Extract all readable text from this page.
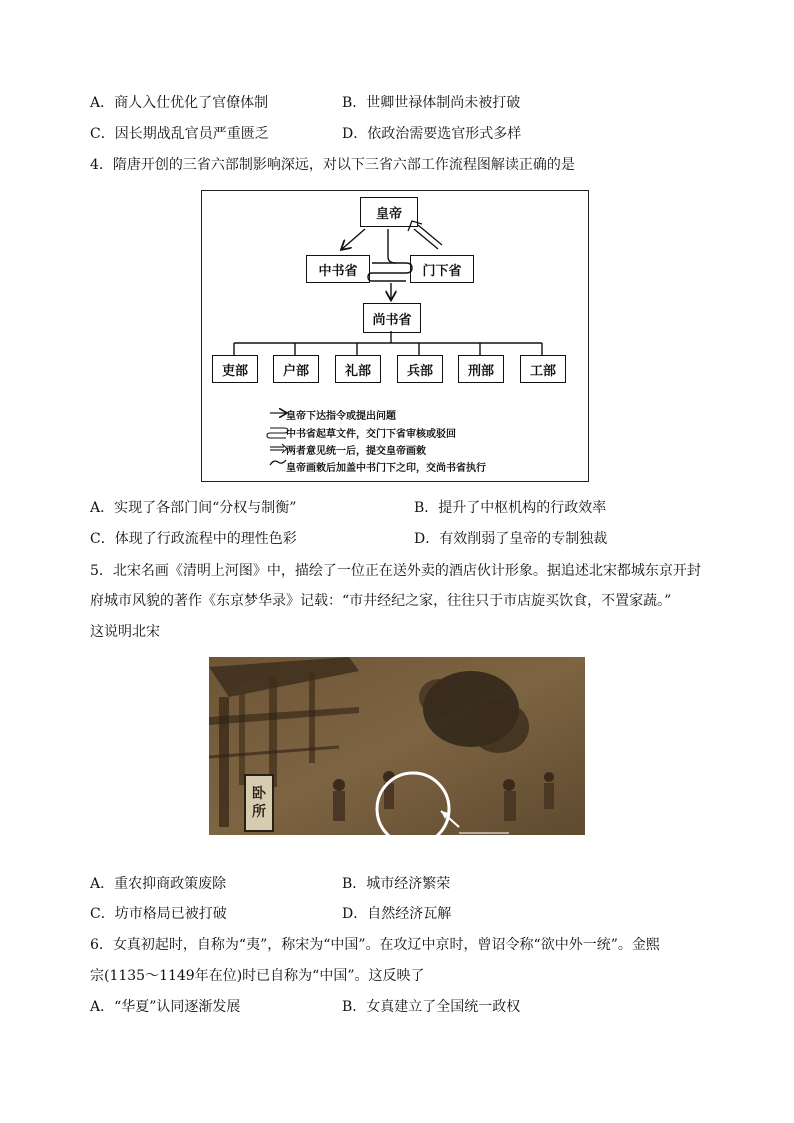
A．商人入仕优化了官僚体制	B．世卿世禄体制尚未被打破
C．因长期战乱官员严重匮乏	D．依政治需要选官形式多样
4．隋唐开创的三省六部制影响深远，对以下三省六部工作流程图解读正确的是
皇帝
中书省	门下省
尚书省
吏部	户部	礼部	兵部	刑部	工部
皇帝下达指令或提出问题
中书省起草文件，交门下省审核或驳回
两者意见统一后，提交皇帝画敕
皇帝画敕后加盖中书门下之印，交尚书省执行
A．实现了各部门间“分权与制衡”	B．提升了中枢机构的行政效率
C．体现了行政流程中的理性色彩	D．有效削弱了皇帝的专制独裁
5．北宋名画《清明上河图》中，描绘了一位正在送外卖的酒店伙计形象。据追述北宋都城东京开封
府城市风貌的著作《东京梦华录》记载：“市井经纪之家，往往只于市店旋买饮食，不置家蔬。”
这说明北宋
卧所
A．重农抑商政策废除	B．城市经济繁荣
C．坊市格局已被打破	D．自然经济瓦解
6．女真初起时，自称为“夷”，称宋为“中国”。在攻辽中京时，曾诏令称“欲中外一统”。金熙
宗(1135～1149年在位)时已自称为“中国”。这反映了
A．“华夏”认同逐渐发展	B．女真建立了全国统一政权
